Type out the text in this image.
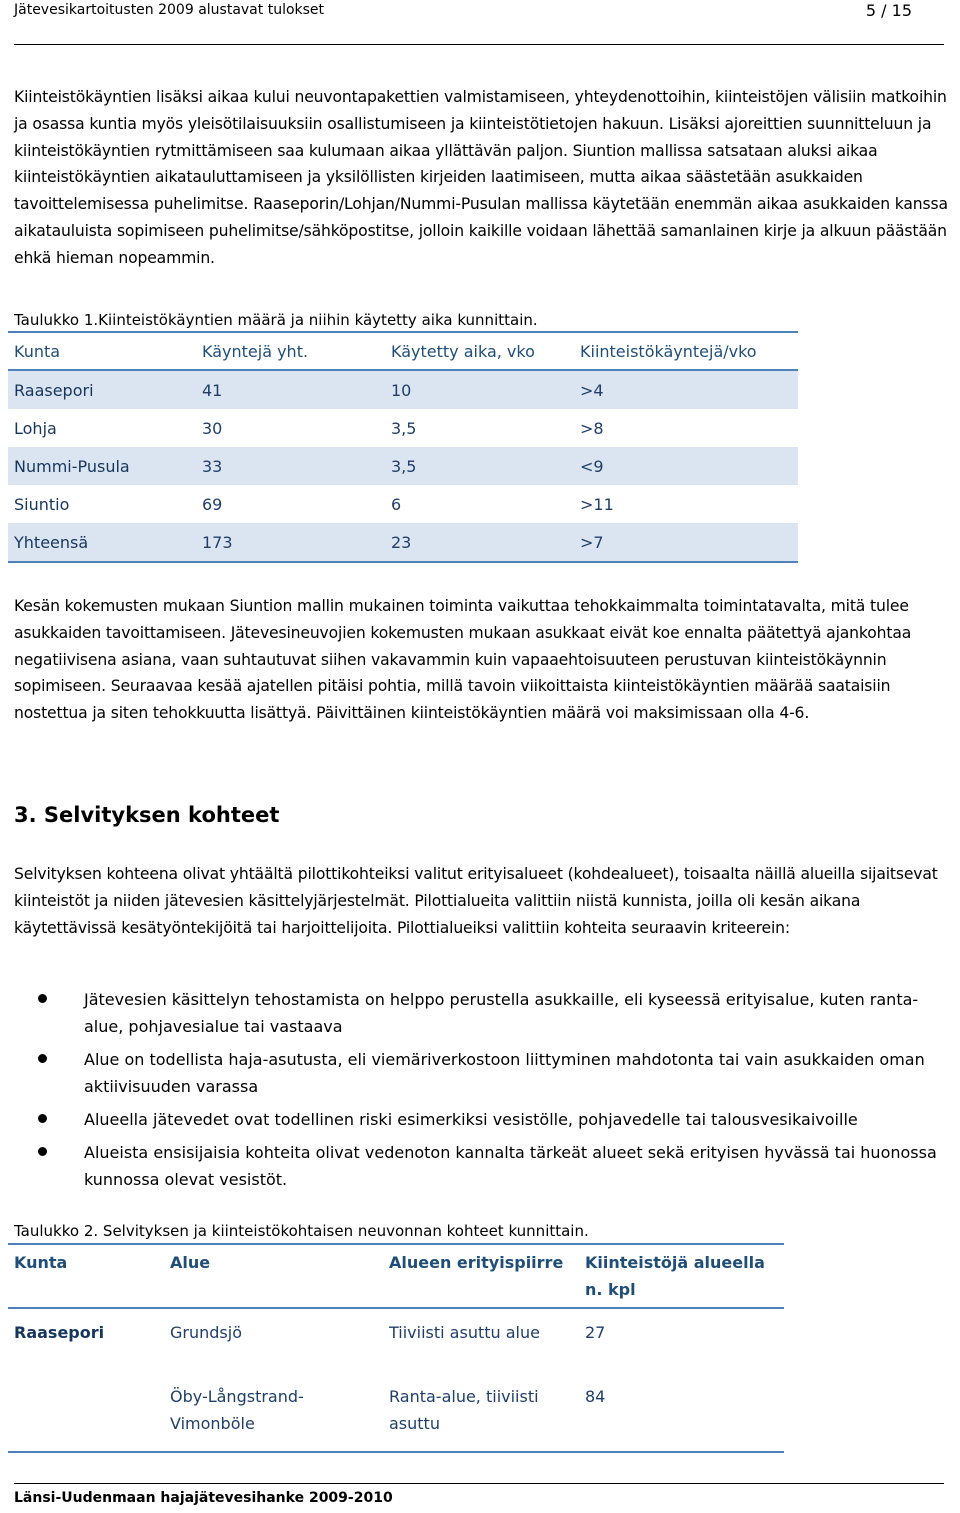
Jätevesikartoitusten 2009 alustavat tulokset	5 / 15

Kiinteistökäyntien lisäksi aikaa kului neuvontapakettien valmistamiseen, yhteydenottoihin, kiinteistöjen välisiin matkoihin ja osassa kuntia myös yleisötilaisuuksiin osallistumiseen ja kiinteistötietojen hakuun. Lisäksi ajoreittien suunnitteluun ja kiinteistökäyntien rytmittämiseen saa kulumaan aikaa yllättävän paljon. Siuntion mallissa satsataan aluksi aikaa kiinteistökäyntien aikatauluttamiseen ja yksilöllisten kirjeiden laatimiseen, mutta aikaa säästetään asukkaiden tavoittelemisessa puhelimitse. Raaseporin/Lohjan/Nummi-Pusulan mallissa käytetään enemmän aikaa asukkaiden kanssa aikatauluista sopimiseen puhelimitse/sähköpostitse, jolloin kaikille voidaan lähettää samanlainen kirje ja alkuun päästään ehkä hieman nopeammin.

Taulukko 1.Kiinteistökäyntien määrä ja niihin käytetty aika kunnittain.

Kunta	Käyntejä yht.	Käytetty aika, vko	Kiinteistökäyntejä/vko
Raasepori	41	10	>4
Lohja	30	3,5	>8
Nummi-Pusula	33	3,5	<9
Siuntio	69	6	>11
Yhteensä	173	23	>7

Kesän kokemusten mukaan Siuntion mallin mukainen toiminta vaikuttaa tehokkaimmalta toimintatavalta, mitä tulee asukkaiden tavoittamiseen. Jätevesineuvojien kokemusten mukaan asukkaat eivät koe ennalta päätettyä ajankohtaa negatiivisena asiana, vaan suhtautuvat siihen vakavammin kuin vapaaehtoisuuteen perustuvan kiinteistökäynnin sopimiseen. Seuraavaa kesää ajatellen pitäisi pohtia, millä tavoin viikoittaista kiinteistökäyntien määrää saataisiin nostettua ja siten tehokkuutta lisättyä. Päivittäinen kiinteistökäyntien määrä voi maksimissaan olla 4-6.

3. Selvityksen kohteet

Selvityksen kohteena olivat yhtäältä pilottikohteiksi valitut erityisalueet (kohdealueet), toisaalta näillä alueilla sijaitsevat kiinteistöt ja niiden jätevesien käsittelyjärjestelmät. Pilottialueita valittiin niistä kunnista, joilla oli kesän aikana käytettävissä kesätyöntekijöitä tai harjoittelijoita. Pilottialueiksi valittiin kohteita seuraavin kriteerein:

Jätevesien käsittelyn tehostamista on helppo perustella asukkaille, eli kyseessä erityisalue, kuten ranta-alue, pohjavesialue tai vastaava
Alue on todellista haja-asutusta, eli viemäriverkostoon liittyminen mahdotonta tai vain asukkaiden oman aktiivisuuden varassa
Alueella jätevedet ovat todellinen riski esimerkiksi vesistölle, pohjavedelle tai talousvesikaivoille
Alueista ensisijaisia kohteita olivat vedenoton kannalta tärkeät alueet sekä erityisen hyvässä tai huonossa kunnossa olevat vesistöt.

Taulukko 2. Selvityksen ja kiinteistökohtaisen neuvonnan kohteet kunnittain.

Kunta	Alue	Alueen erityispiirre	Kiinteistöjä alueella n. kpl
Raasepori	Grundsjö	Tiiviisti asuttu alue	27
	Öby-Långstrand-Vimonböle	Ranta-alue, tiiviisti asuttu	84
Länsi-Uudenmaan hajajätevesihanke 2009-2010
